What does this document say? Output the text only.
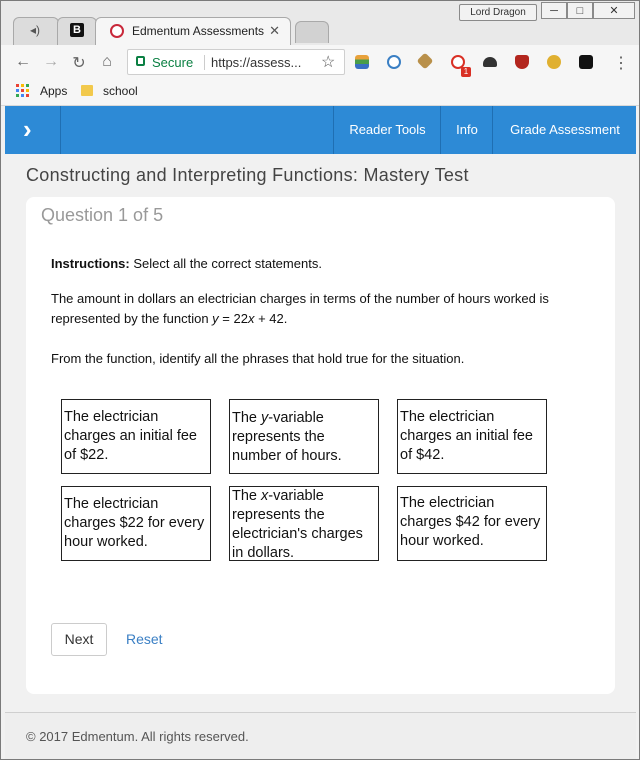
◂)	B	Edmentum Assessments ✕
Lord Dragon	─	□	✕
← → ↻ ⌂	Secure https://assess... ☆
1	⋮
Apps	school
›	Reader Tools	Info	Grade Assessment
Constructing and Interpreting Functions: Mastery Test
Question 1 of 5
Instructions: Select all the correct statements.
The amount in dollars an electrician charges in terms of the number of hours worked is
represented by the function y = 22x + 42.
From the function, identify all the phrases that hold true for the situation.
The electrician charges an initial fee of $22.
The y-variable represents the number of hours.
The electrician charges an initial fee of $42.
The electrician charges $22 for every hour worked.
The x-variable represents the electrician's charges in dollars.
The electrician charges $42 for every hour worked.
Next	Reset
© 2017 Edmentum. All rights reserved.
